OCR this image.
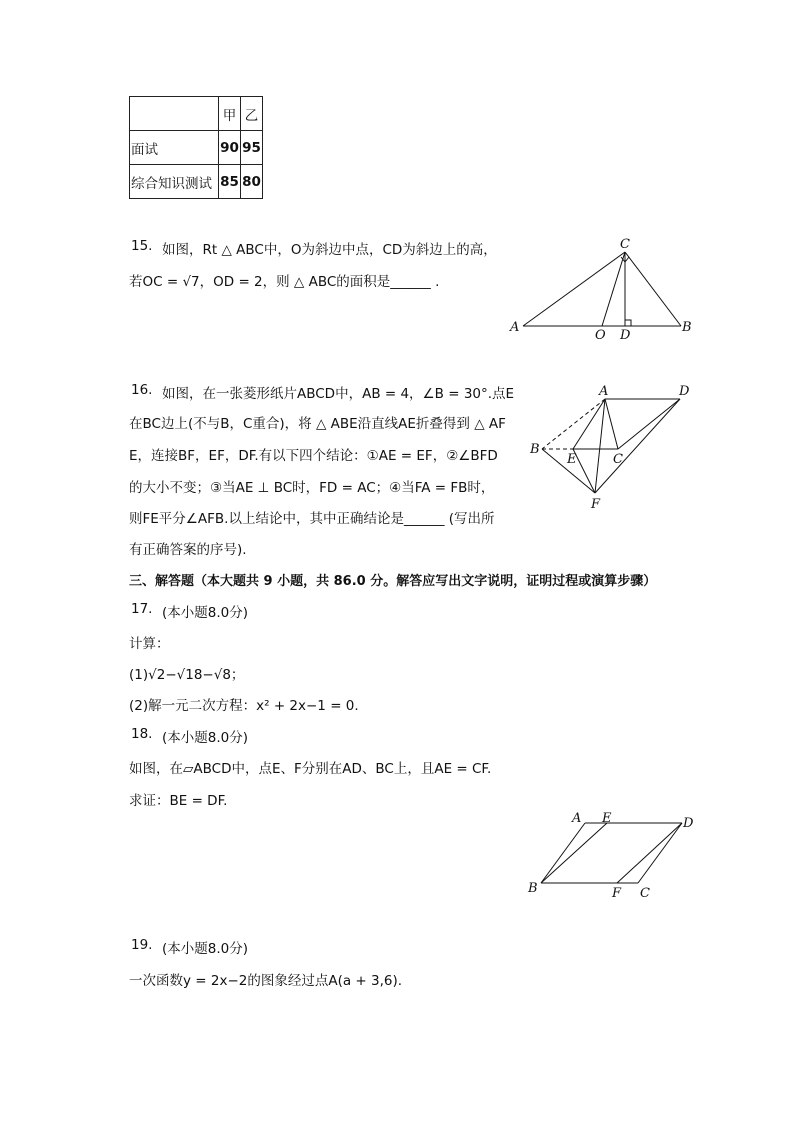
	甲	乙
面试	90	95
综合知识测试	85	80
15. 如图，Rt △ ABC中，O为斜边中点，CD为斜边上的高，
若OC = √7，OD = 2，则 △ ABC的面积是______ .
A	B
C
O D
16. 如图，在一张菱形纸片ABCD中，AB = 4，∠B = 30°.点E
在BC边上(不与B，C重合)，将 △ ABE沿直线AE折叠得到 △ AF
E，连接BF，EF，DF.有以下四个结论：①AE = EF，②∠BFD
的大小不变；③当AE ⊥ BC时，FD = AC；④当FA = FB时，
则FE平分∠AFB.以上结论中，其中正确结论是______ (写出所
有正确答案的序号).
A	D
B
E	C
F
三、解答题（本大题共 9 小题，共 86.0 分。解答应写出文字说明，证明过程或演算步骤）
17. (本小题8.0分)
计算：
(1)√2−√18−√8；
(2)解一元二次方程：x² + 2x−1 = 0.
18. (本小题8.0分)
如图，在▱ABCD中，点E、F分别在AD、BC上，且AE = CF.
求证：BE = DF.
A E	D
B	F C
19. (本小题8.0分)
一次函数y = 2x−2的图象经过点A(a + 3,6).
